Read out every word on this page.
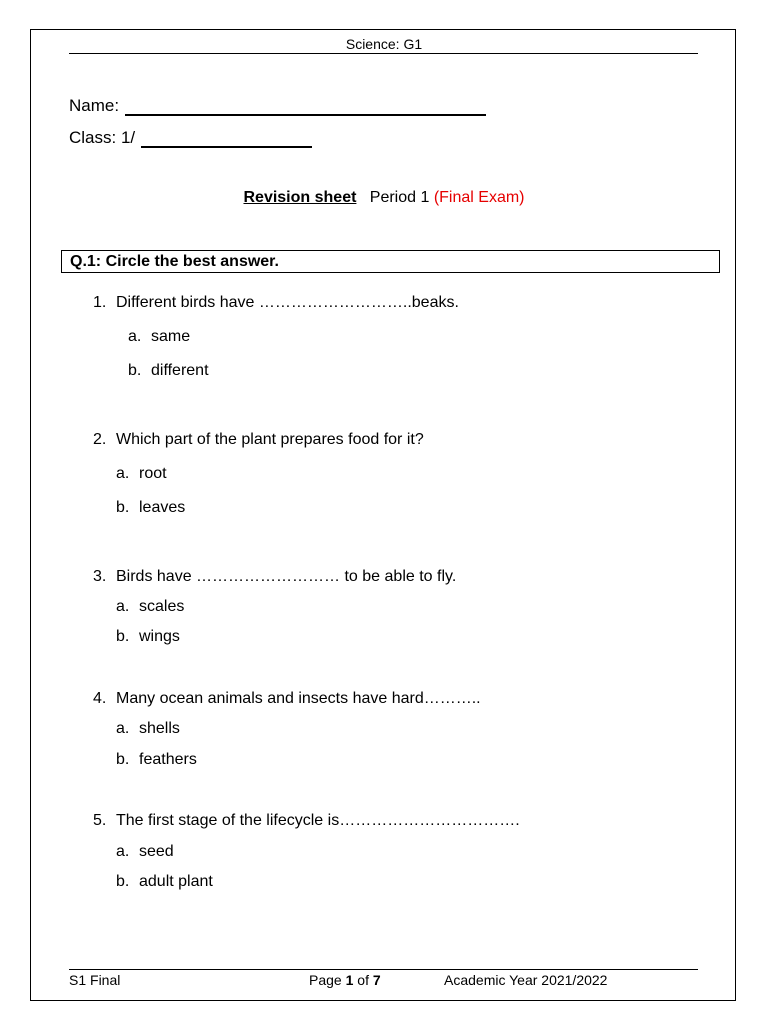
Science: G1
Name:
Class: 1/
Revision sheet Period 1 (Final Exam)
Q.1: Circle the best answer.
1. Different birds have ………………………..beaks.
a. same
b. different
2. Which part of the plant prepares food for it?
a. root
b. leaves
3. Birds have ……………………… to be able to fly.
a. scales
b. wings
4. Many ocean animals and insects have hard………..
a. shells
b. feathers
5. The first stage of the lifecycle is…………………………….
a. seed
b. adult plant
S1 Final	Page 1 of 7	Academic Year 2021/2022
